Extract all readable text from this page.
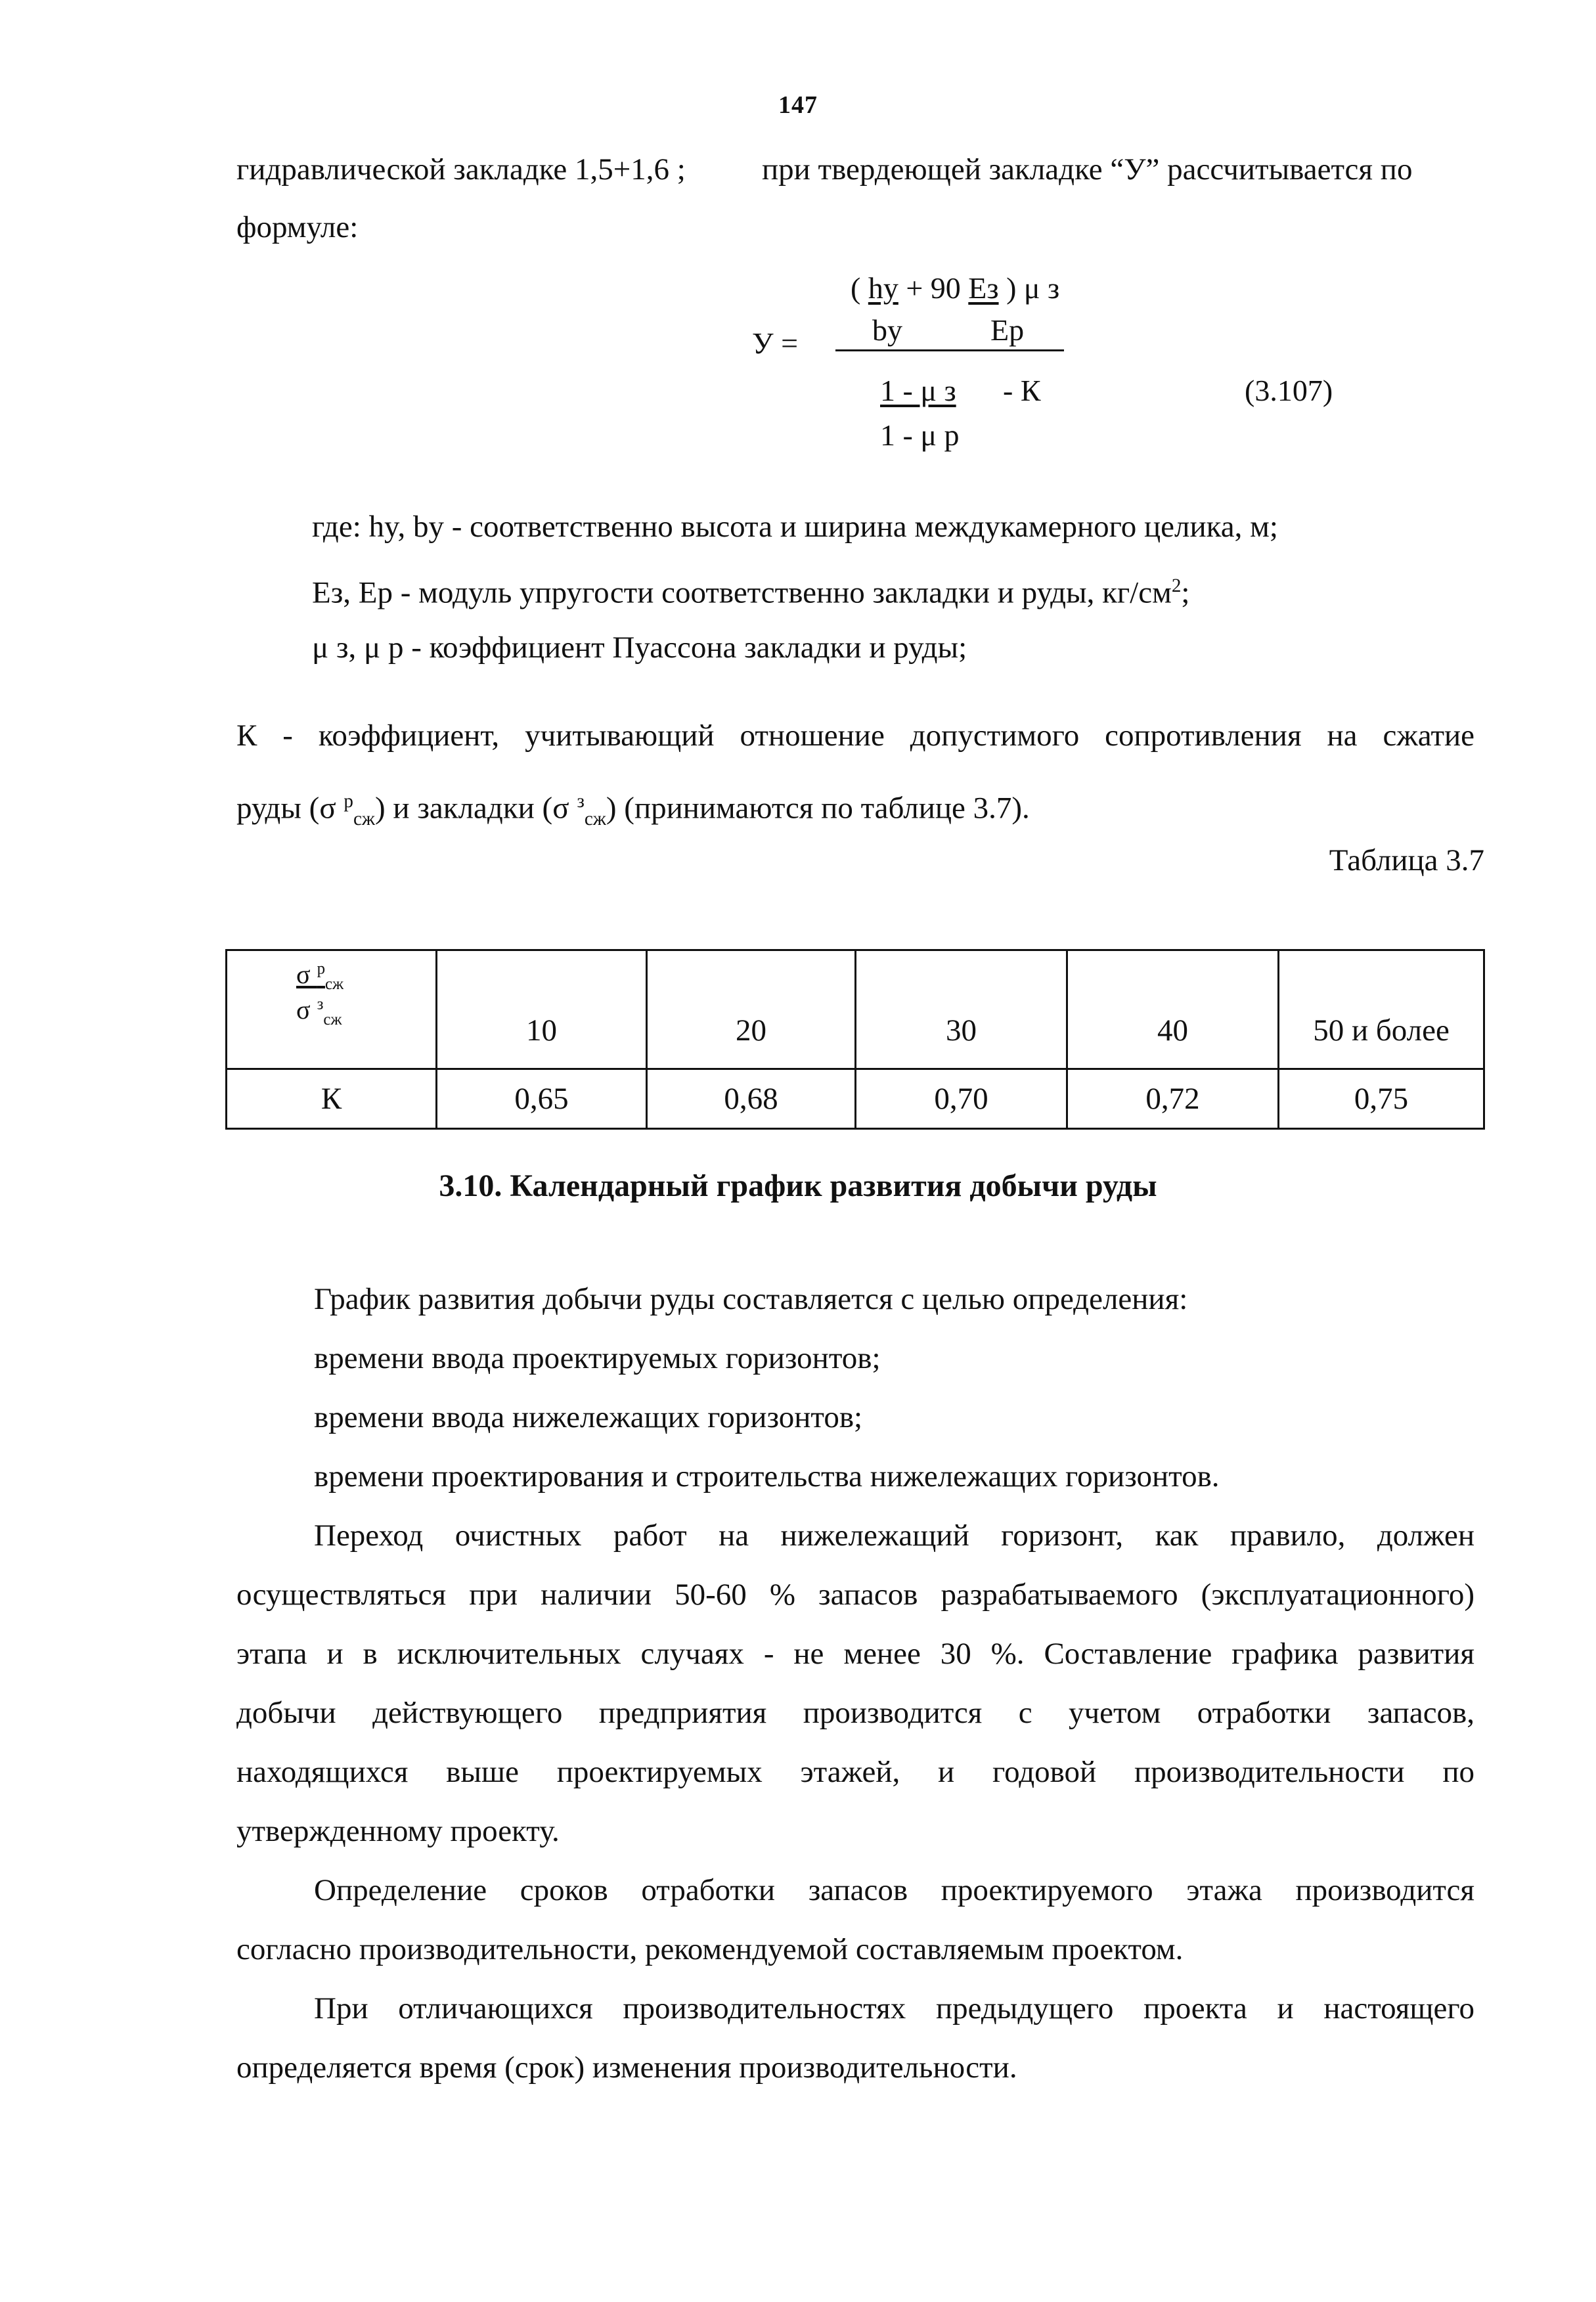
147
гидравлической закладке 1,5+1,6 ; при твердеющей закладке “У” рассчитывается по
формуле:
У =
( hy + 90 Ез ) μ з
by	Ер
1 - μ з - К
1 - μ р
(3.107)
где: hy, by - соответственно высота и ширина междукамерного целика, м;
Ез, Ер - модуль упругости соответственно закладки и руды, $кг/см^2$;
μ з, μ р - коэффициент Пуассона закладки и руды;
К - коэффициент, учитывающий отношение допустимого сопротивления на сжатие
руды (σ $^р_{сж}$) и закладки (σ $^з_{сж}$) (принимаются по таблице 3.7).
Таблица 3.7
σ $^р_{сж}$
σ $^з_{сж}$	10	20	30	40	50 и более
К	0,65	0,68	0,70	0,72	0,75
3.10. Календарный график развития добычи руды
График развития добычи руды составляется с целью определения:
времени ввода проектируемых горизонтов;
времени ввода нижележащих горизонтов;
времени проектирования и строительства нижележащих горизонтов.
Переход очистных работ на нижележащий горизонт, как правило, должен
осуществляться при наличии 50-60 % запасов разрабатываемого (эксплуатационного)
этапа и в исключительных случаях - не менее 30 %. Составление графика развития
добычи действующего предприятия производится с учетом отработки запасов,
находящихся выше проектируемых этажей, и годовой производительности по
утвержденному проекту.
Определение сроков отработки запасов проектируемого этажа производится
согласно производительности, рекомендуемой составляемым проектом.
При отличающихся производительностях предыдущего проекта и настоящего
определяется время (срок) изменения производительности.
